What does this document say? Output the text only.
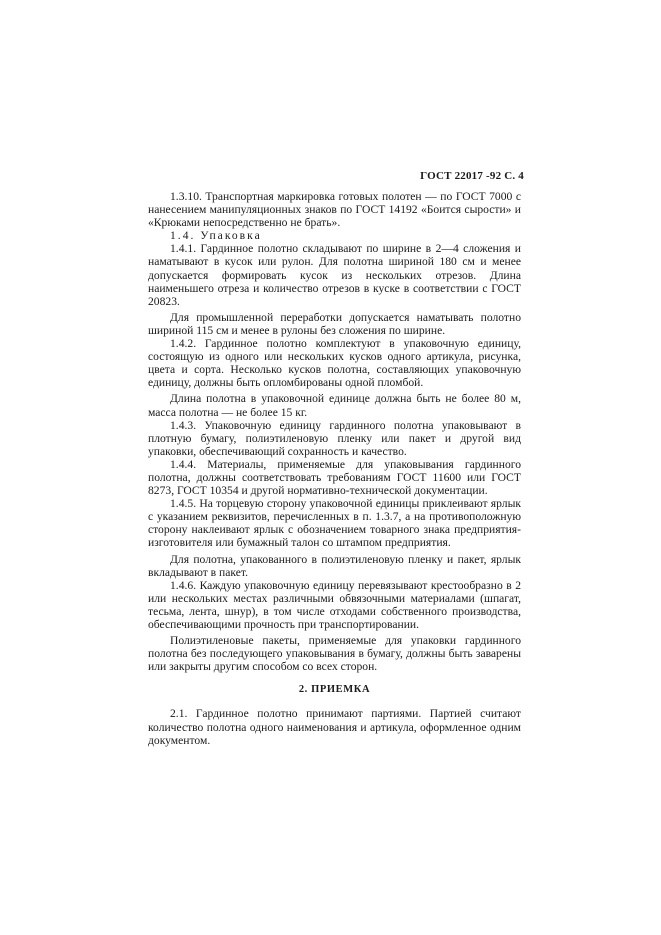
ГОСТ 22017 -92 С. 4

1.3.10. Транспортная маркировка готовых полотен — по ГОСТ 7000 с нанесением манипуляционных знаков по ГОСТ 14192 «Боится сырости» и «Крюками непосредственно не брать».

1.4. Упаковка

1.4.1. Гардинное полотно складывают по ширине в 2—4 сложения и наматывают в кусок или рулон. Для полотна шириной 180 см и менее допускается формировать кусок из нескольких отрезов. Длина наименьшего отреза и количество отрезов в куске в соответствии с ГОСТ 20823.

Для промышленной переработки допускается наматывать полотно шириной 115 см и менее в рулоны без сложения по ширине.

1.4.2. Гардинное полотно комплектуют в упаковочную единицу, состоящую из одного или нескольких кусков одного артикула, рисунка, цвета и сорта. Несколько кусков полотна, составляющих упаковочную единицу, должны быть опломбированы одной пломбой.

Длина полотна в упаковочной единице должна быть не более 80 м, масса полотна — не более 15 кг.

1.4.3. Упаковочную единицу гардинного полотна упаковывают в плотную бумагу, полиэтиленовую пленку или пакет и другой вид упаковки, обеспечивающий сохранность и качество.

1.4.4. Материалы, применяемые для упаковывания гардинного полотна, должны соответствовать требованиям ГОСТ 11600 или ГОСТ 8273, ГОСТ 10354 и другой нормативно-технической документации.

1.4.5. На торцевую сторону упаковочной единицы приклеивают ярлык с указанием реквизитов, перечисленных в п. 1.3.7, а на противоположную сторону наклеивают ярлык с обозначением товарного знака предприятия-изготовителя или бумажный талон со штампом предприятия.

Для полотна, упакованного в полиэтиленовую пленку и пакет, ярлык вкладывают в пакет.

1.4.6. Каждую упаковочную единицу перевязывают крестообразно в 2 или нескольких местах различными обвязочными материалами (шпагат, тесьма, лента, шнур), в том числе отходами собственного производства, обеспечивающими прочность при транспортировании.

Полиэтиленовые пакеты, применяемые для упаковки гардинного полотна без последующего упаковывания в бумагу, должны быть заварены или закрыты другим способом со всех сторон.

2. ПРИЕМКА

2.1. Гардинное полотно принимают партиями. Партией считают количество полотна одного наименования и артикула, оформленное одним документом.
